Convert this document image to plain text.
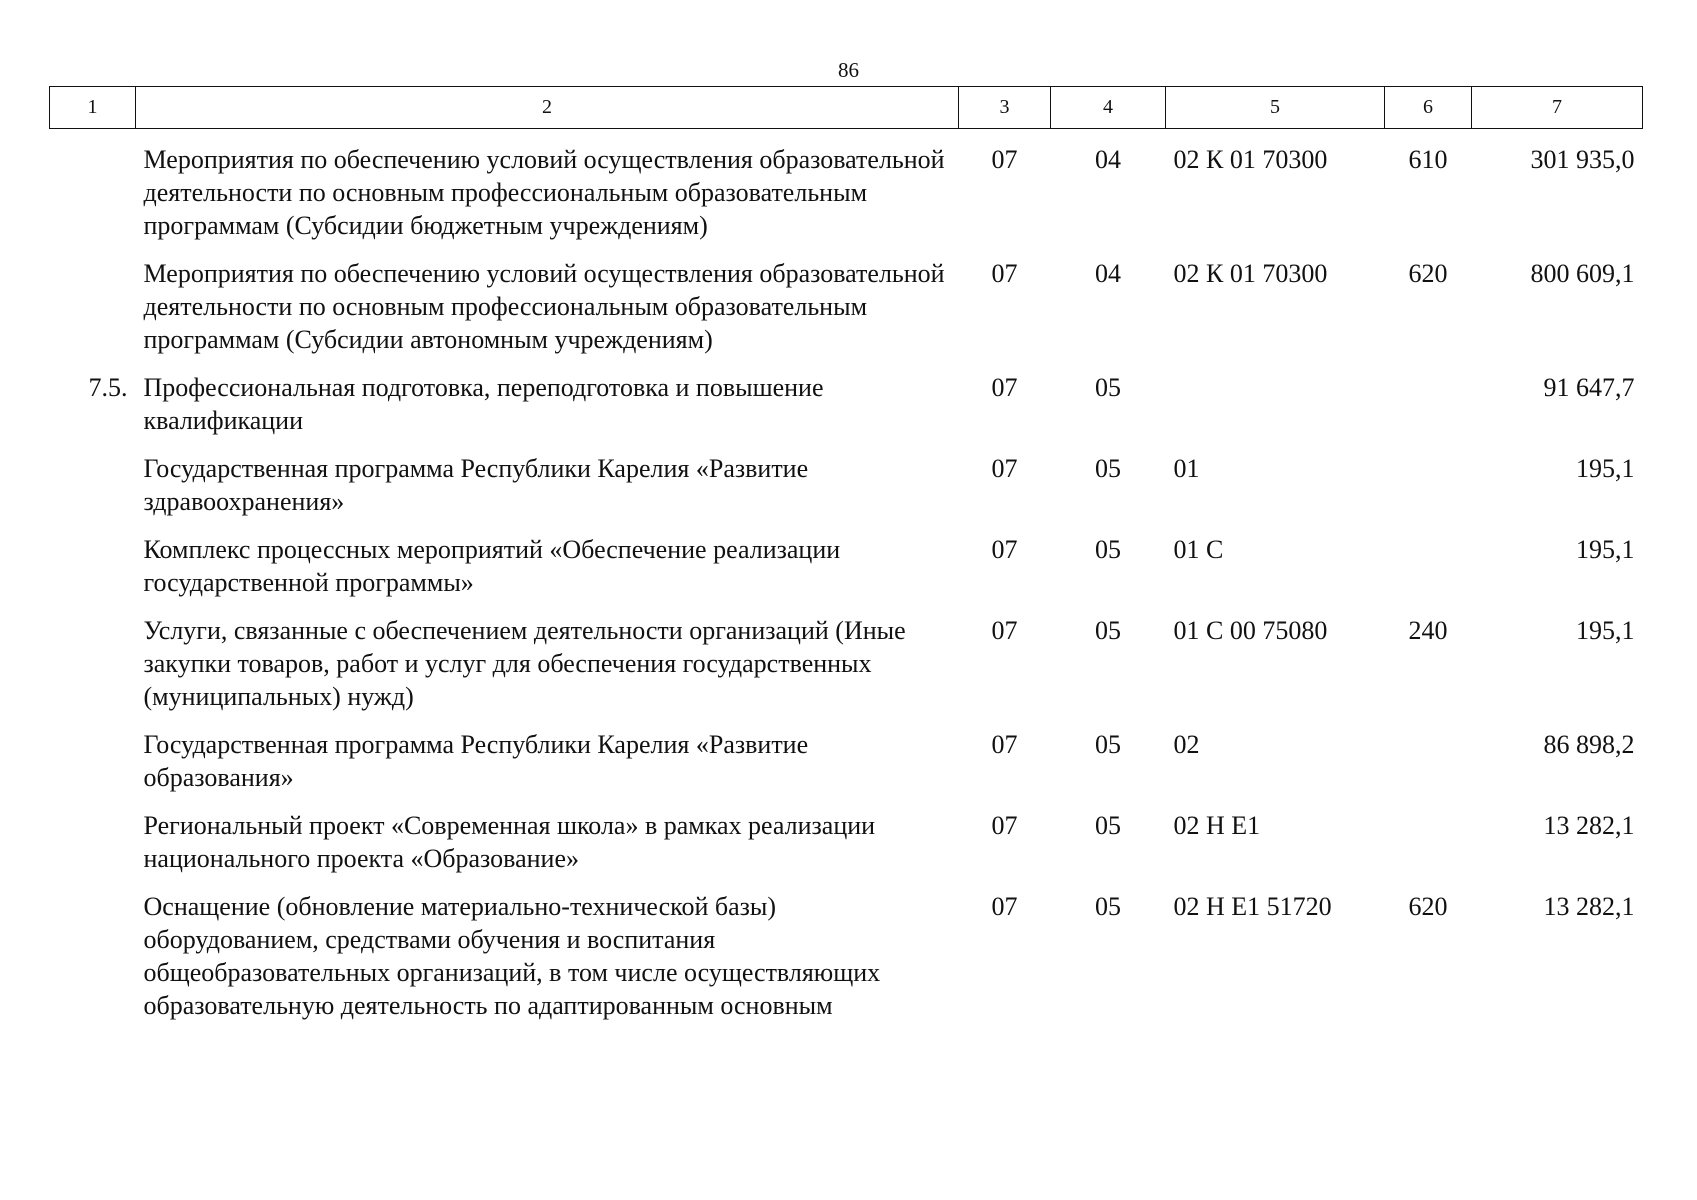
86
1	2	3	4	5	6	7
	Мероприятия по обеспечению условий осуществления образовательной деятельности по основным профессиональным образовательным программам (Субсидии бюджетным учреждениям)	07	04	02 К 01 70300	610	301 935,0
	Мероприятия по обеспечению условий осуществления образовательной деятельности по основным профессиональным образовательным программам (Субсидии автономным учреждениям)	07	04	02 К 01 70300	620	800 609,1
7.5.	Профессиональная подготовка, переподготовка и повышение квалификации	07	05			91 647,7
	Государственная программа Республики Карелия «Развитие здравоохранения»	07	05	01		195,1
	Комплекс процессных мероприятий «Обеспечение реализации государственной программы»	07	05	01 С		195,1
	Услуги, связанные с обеспечением деятельности организаций (Иные закупки товаров, работ и услуг для обеспечения государственных (муниципальных) нужд)	07	05	01 С 00 75080	240	195,1
	Государственная программа Республики Карелия «Развитие образования»	07	05	02		86 898,2
	Региональный проект «Современная школа» в рамках реализации национального проекта «Образование»	07	05	02 Н Е1		13 282,1
	Оснащение (обновление материально-технической базы) оборудованием, средствами обучения и воспитания общеобразовательных организаций, в том числе осуществляющих образовательную деятельность по адаптированным основным	07	05	02 Н Е1 51720	620	13 282,1
